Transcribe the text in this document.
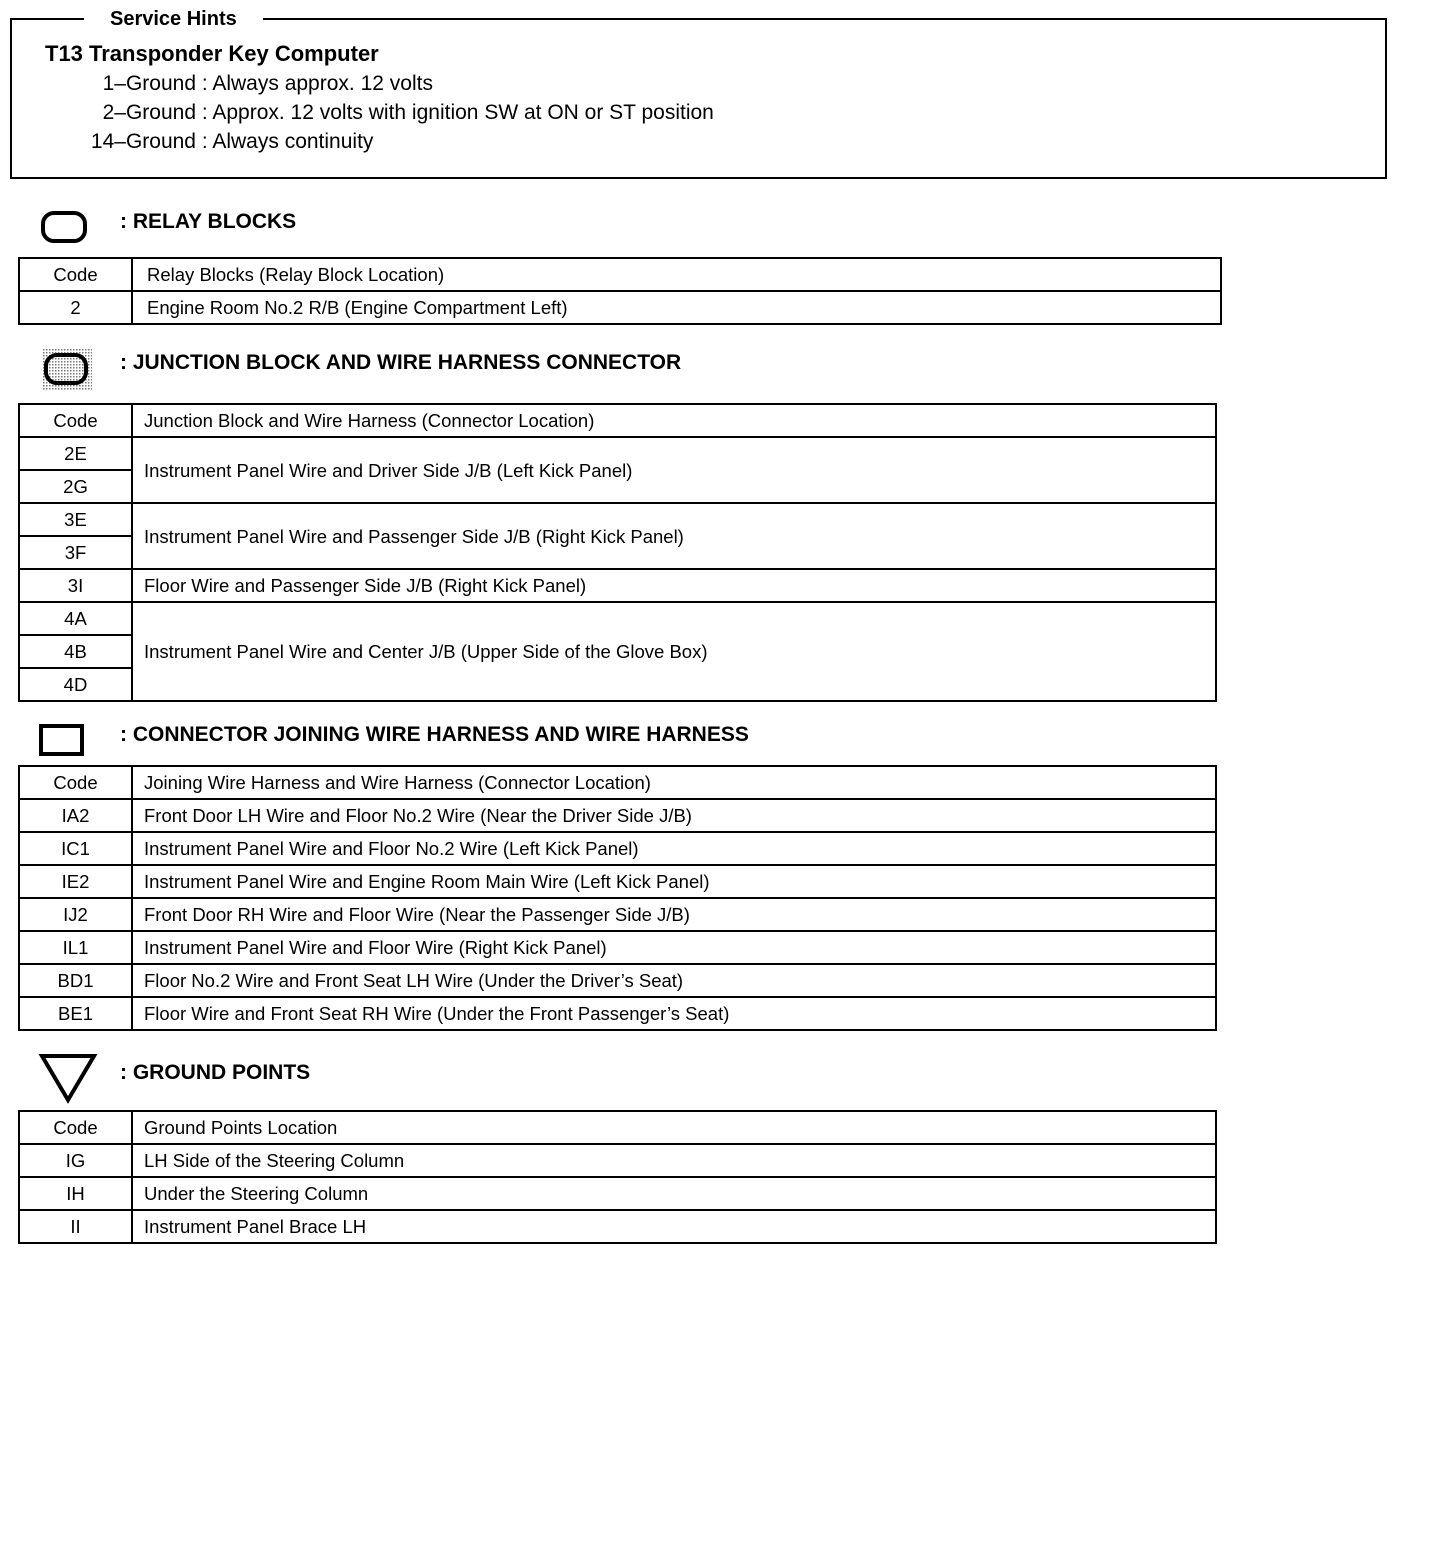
Service Hints
T13 Transponder Key Computer
1–Ground : Always approx. 12 volts
2–Ground : Approx. 12 volts with ignition SW at ON or ST position
14–Ground : Always continuity
: RELAY BLOCKS
Code	Relay Blocks (Relay Block Location)
2	Engine Room No.2 R/B (Engine Compartment Left)
: JUNCTION BLOCK AND WIRE HARNESS CONNECTOR
Code	Junction Block and Wire Harness (Connector Location)
2E	Instrument Panel Wire and Driver Side J/B (Left Kick Panel)
2G	
3E	Instrument Panel Wire and Passenger Side J/B (Right Kick Panel)
3F	
3I	Floor Wire and Passenger Side J/B (Right Kick Panel)
4A	Instrument Panel Wire and Center J/B (Upper Side of the Glove Box)
4B	
4D	
: CONNECTOR JOINING WIRE HARNESS AND WIRE HARNESS
Code	Joining Wire Harness and Wire Harness (Connector Location)
IA2	Front Door LH Wire and Floor No.2 Wire (Near the Driver Side J/B)
IC1	Instrument Panel Wire and Floor No.2 Wire (Left Kick Panel)
IE2	Instrument Panel Wire and Engine Room Main Wire (Left Kick Panel)
IJ2	Front Door RH Wire and Floor Wire (Near the Passenger Side J/B)
IL1	Instrument Panel Wire and Floor Wire (Right Kick Panel)
BD1	Floor No.2 Wire and Front Seat LH Wire (Under the Driver’s Seat)
BE1	Floor Wire and Front Seat RH Wire (Under the Front Passenger’s Seat)
: GROUND POINTS
Code	Ground Points Location
IG	LH Side of the Steering Column
IH	Under the Steering Column
II	Instrument Panel Brace LH
